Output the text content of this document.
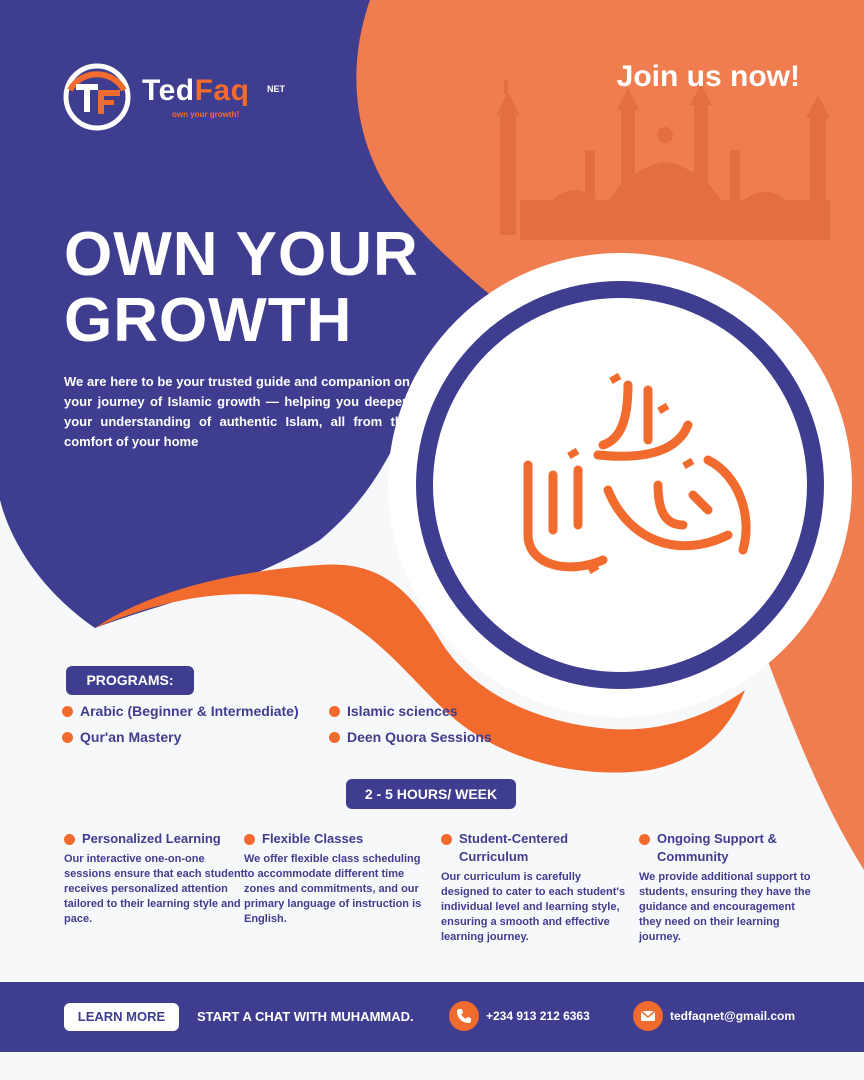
TedFaq NET
own your growth!
Join us now!
OWN YOUR
GROWTH

We are here to be your trusted guide and companion on your journey of Islamic growth — helping you deepen your understanding of authentic Islam, all from the comfort of your home

PROGRAMS:
Arabic (Beginner & Intermediate)	Islamic sciences
Qur'an Mastery	Deen Quora Sessions
2 - 5 HOURS/ WEEK
Personalized Learning

Our interactive one-on-one sessions ensure that each student receives personalized attention tailored to their learning style and pace.

Flexible Classes

We offer flexible class scheduling to accommodate different time zones and commitments, and our primary language of instruction is English.

Student-Centered Curriculum

Our curriculum is carefully designed to cater to each student's individual level and learning style, ensuring a smooth and effective learning journey.

Ongoing Support & Community

We provide additional support to students, ensuring they have the guidance and encouragement they need on their learning journey.

LEARN MORE	START A CHAT WITH MUHAMMAD.	+234 913 212 6363	tedfaqnet@gmail.com
